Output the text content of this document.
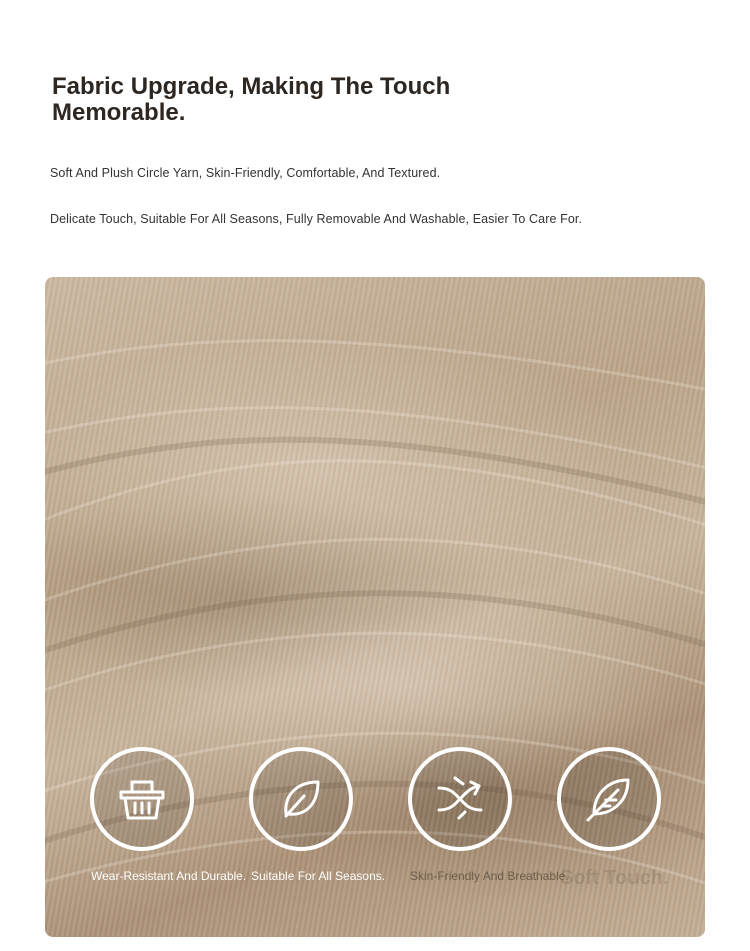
Fabric Upgrade, Making The Touch Memorable.

Soft And Plush Circle Yarn, Skin-Friendly, Comfortable, And Textured.

Delicate Touch, Suitable For All Seasons, Fully Removable And Washable, Easier To Care For.

Wear-Resistant And Durable. Suitable For All Seasons. Skin-Friendly And Breathable.
Soft Touch.
